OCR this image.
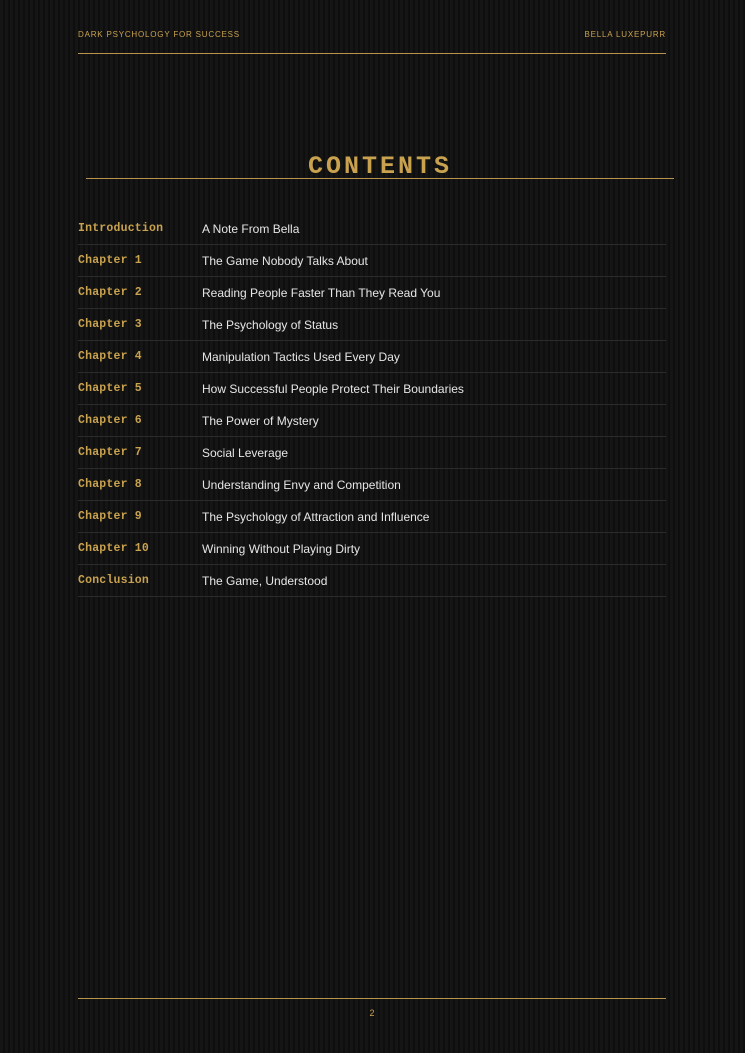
DARK PSYCHOLOGY FOR SUCCESS	BELLA LUXEPURR
CONTENTS
Introduction	A Note From Bella
Chapter 1	The Game Nobody Talks About
Chapter 2	Reading People Faster Than They Read You
Chapter 3	The Psychology of Status
Chapter 4	Manipulation Tactics Used Every Day
Chapter 5	How Successful People Protect Their Boundaries
Chapter 6	The Power of Mystery
Chapter 7	Social Leverage
Chapter 8	Understanding Envy and Competition
Chapter 9	The Psychology of Attraction and Influence
Chapter 10	Winning Without Playing Dirty
Conclusion	The Game, Understood
2
